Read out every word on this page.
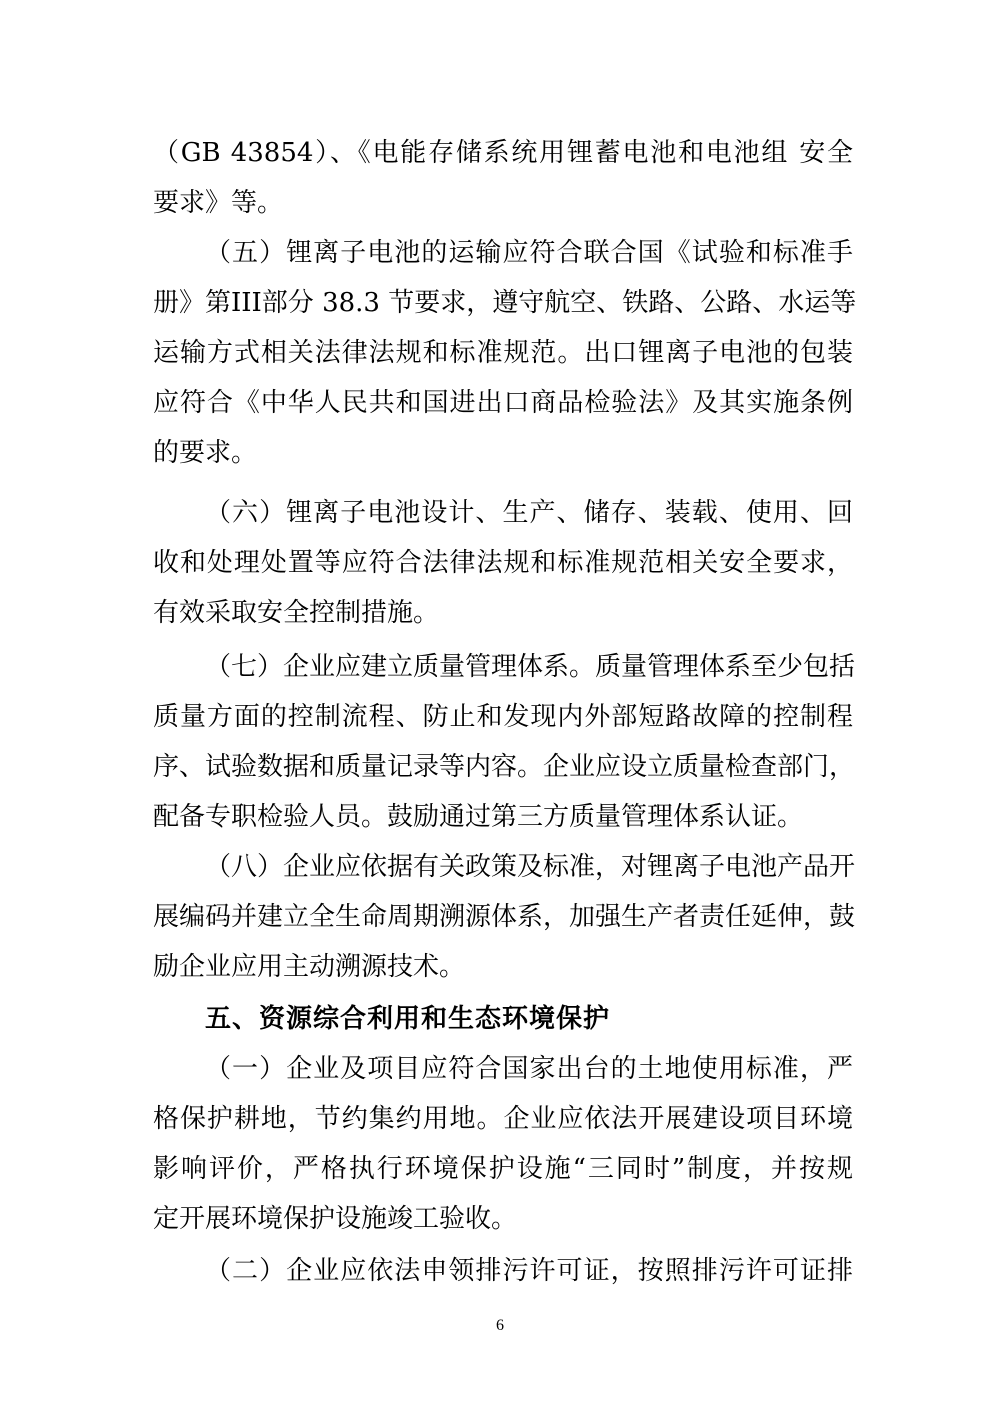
（GB 43854）、《电能存储系统用锂蓄电池和电池组 安全
要求》等。
（五）锂离子电池的运输应符合联合国《试验和标准手
册》第III部分 38.3 节要求，遵守航空、铁路、公路、水运等
运输方式相关法律法规和标准规范。出口锂离子电池的包装
应符合《中华人民共和国进出口商品检验法》及其实施条例
的要求。
（六）锂离子电池设计、生产、储存、装载、使用、回
收和处理处置等应符合法律法规和标准规范相关安全要求，
有效采取安全控制措施。
（七）企业应建立质量管理体系。质量管理体系至少包括
质量方面的控制流程、防止和发现内外部短路故障的控制程
序、试验数据和质量记录等内容。企业应设立质量检查部门，
配备专职检验人员。鼓励通过第三方质量管理体系认证。
（八）企业应依据有关政策及标准，对锂离子电池产品开
展编码并建立全生命周期溯源体系，加强生产者责任延伸，鼓
励企业应用主动溯源技术。
五、资源综合利用和生态环境保护
（一）企业及项目应符合国家出台的土地使用标准，严
格保护耕地，节约集约用地。企业应依法开展建设项目环境
影响评价，严格执行环境保护设施“三同时”制度，并按规
定开展环境保护设施竣工验收。
（二）企业应依法申领排污许可证，按照排污许可证排
6
